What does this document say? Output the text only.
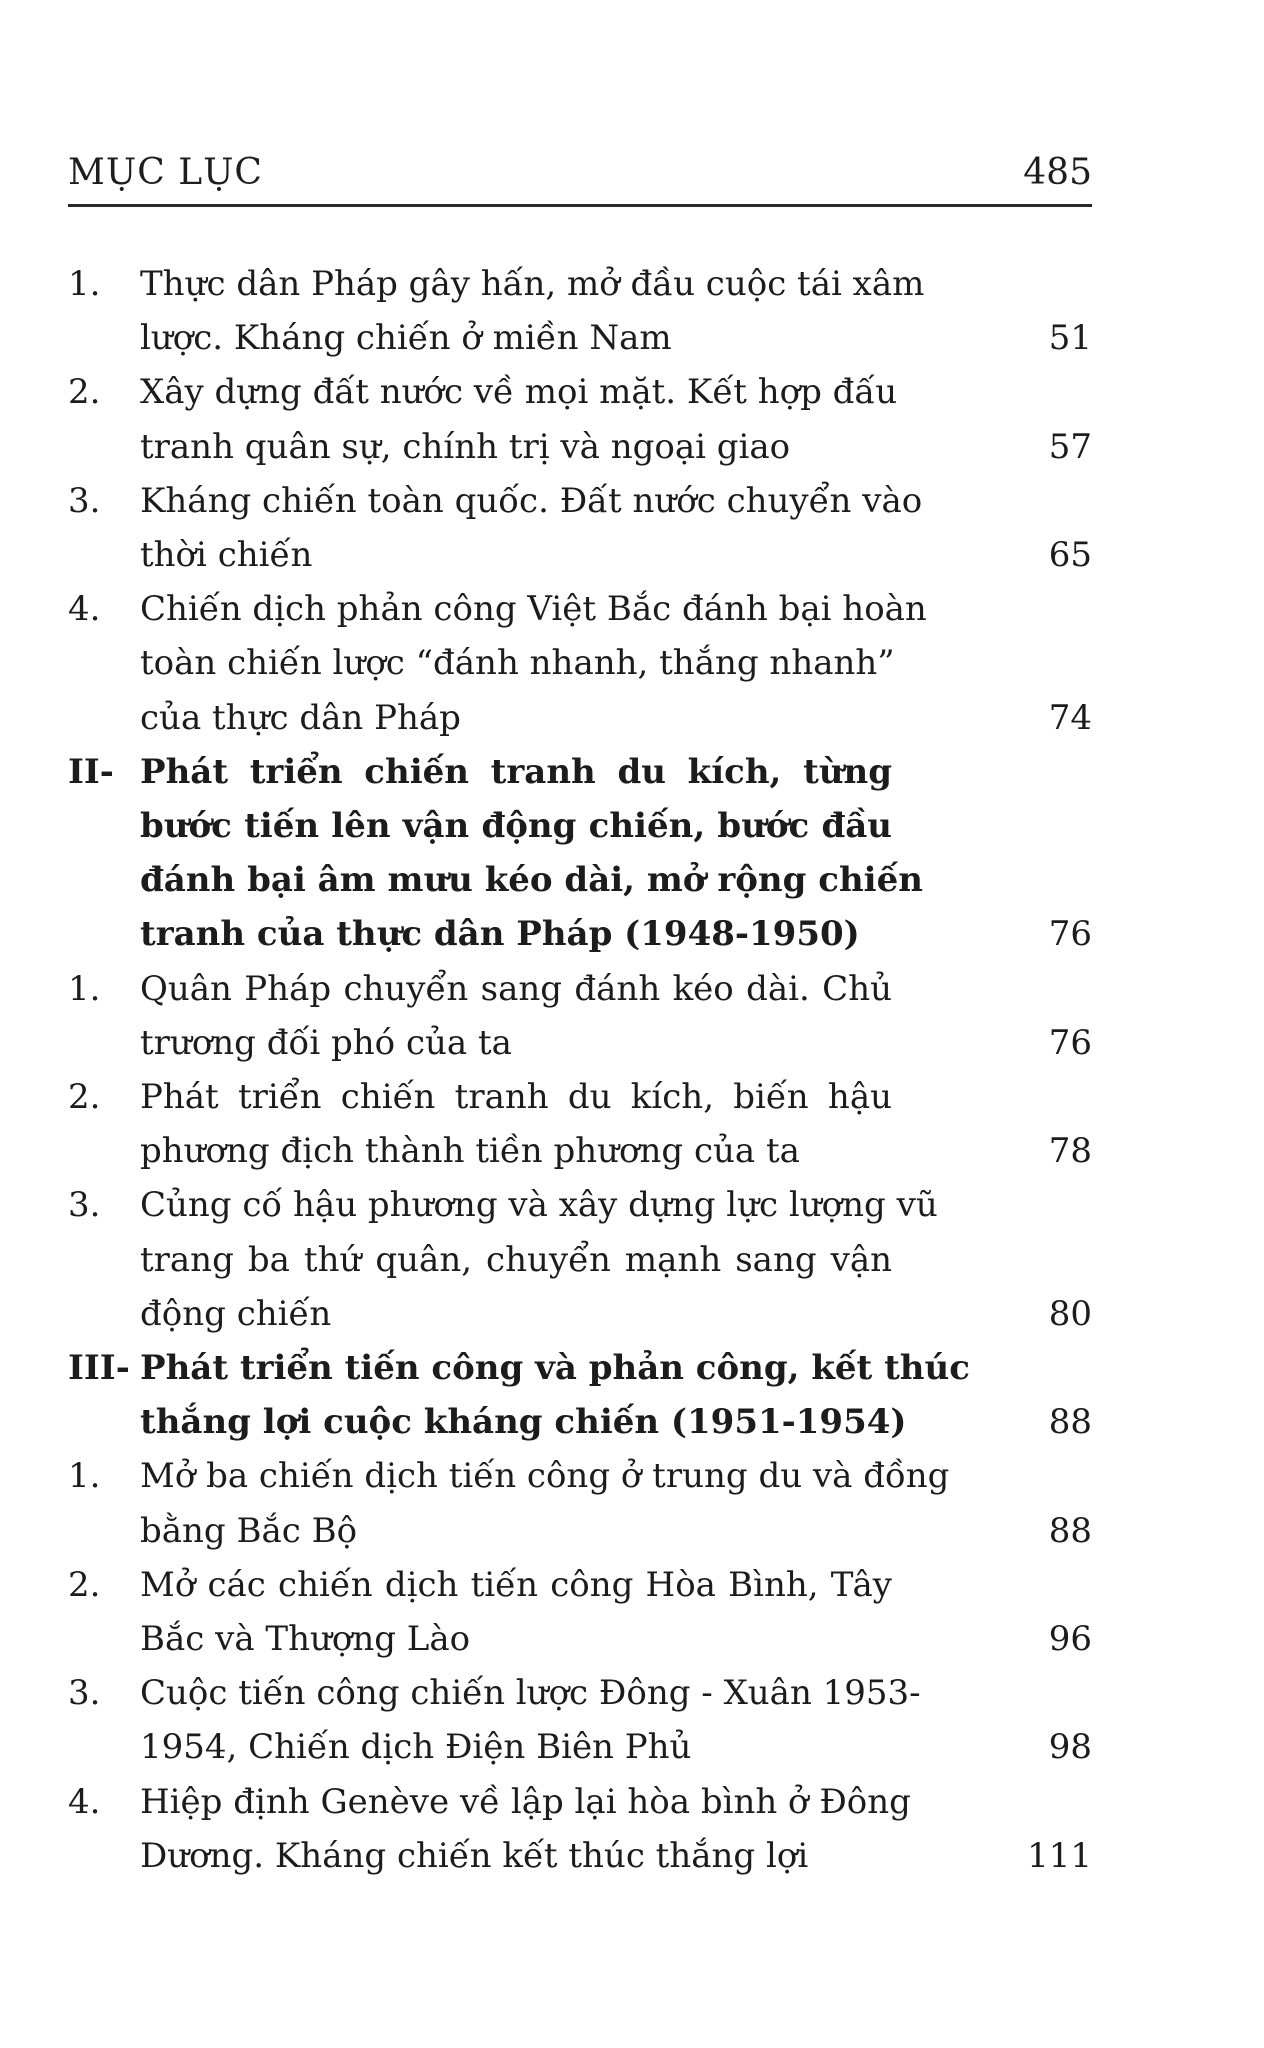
MỤC LỤC	485
1. Thực dân Pháp gây hấn, mở đầu cuộc tái xâm
lược. Kháng chiến ở miền Nam	51
2. Xây dựng đất nước về mọi mặt. Kết hợp đấu
tranh quân sự, chính trị và ngoại giao	57
3. Kháng chiến toàn quốc. Đất nước chuyển vào
thời chiến	65
4. Chiến dịch phản công Việt Bắc đánh bại hoàn
toàn chiến lược “đánh nhanh, thắng nhanh”
của thực dân Pháp	74
II- Phát triển chiến tranh du kích, từng
bước tiến lên vận động chiến, bước đầu
đánh bại âm mưu kéo dài, mở rộng chiến
tranh của thực dân Pháp (1948-1950)	76
1. Quân Pháp chuyển sang đánh kéo dài. Chủ
trương đối phó của ta	76
2. Phát triển chiến tranh du kích, biến hậu
phương địch thành tiền phương của ta	78
3. Củng cố hậu phương và xây dựng lực lượng vũ
trang ba thứ quân, chuyển mạnh sang vận
động chiến	80
III- Phát triển tiến công và phản công, kết thúc
thắng lợi cuộc kháng chiến (1951-1954)	88
1. Mở ba chiến dịch tiến công ở trung du và đồng
bằng Bắc Bộ	88
2. Mở các chiến dịch tiến công Hòa Bình, Tây
Bắc và Thượng Lào	96
3. Cuộc tiến công chiến lược Đông - Xuân 1953-
1954, Chiến dịch Điện Biên Phủ	98
4. Hiệp định Genève về lập lại hòa bình ở Đông
Dương. Kháng chiến kết thúc thắng lợi	111
